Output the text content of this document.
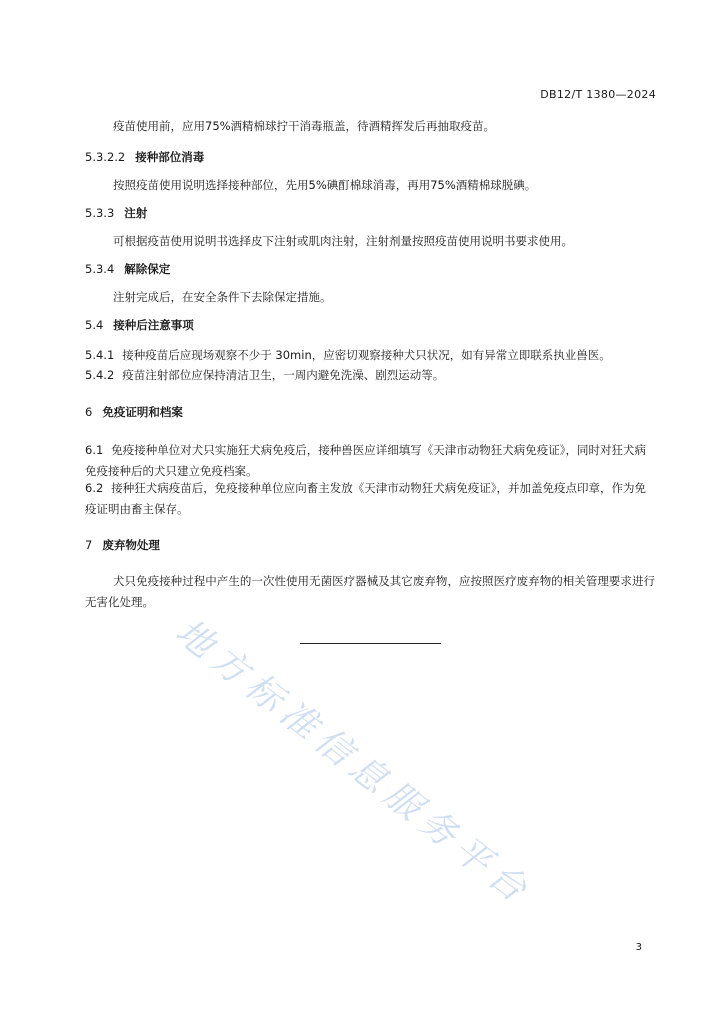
DB12/T 1380—2024
疫苗使用前，应用75%酒精棉球拧干消毒瓶盖，待酒精挥发后再抽取疫苗。
5.3.2.2 接种部位消毒
按照疫苗使用说明选择接种部位，先用5%碘酊棉球消毒，再用75%酒精棉球脱碘。
5.3.3 注射
可根据疫苗使用说明书选择皮下注射或肌肉注射，注射剂量按照疫苗使用说明书要求使用。
5.3.4 解除保定
注射完成后，在安全条件下去除保定措施。
5.4 接种后注意事项
5.4.1 接种疫苗后应现场观察不少于 30min，应密切观察接种犬只状况，如有异常立即联系执业兽医。
5.4.2 疫苗注射部位应保持清洁卫生，一周内避免洗澡、剧烈运动等。
6 免疫证明和档案
6.1 免疫接种单位对犬只实施狂犬病免疫后，接种兽医应详细填写《天津市动物狂犬病免疫证》，同时对狂犬病免疫接种后的犬只建立免疫档案。
6.2 接种狂犬病疫苗后，免疫接种单位应向畜主发放《天津市动物狂犬病免疫证》，并加盖免疫点印章，作为免疫证明由畜主保存。
7 废弃物处理
犬只免疫接种过程中产生的一次性使用无菌医疗器械及其它废弃物，应按照医疗废弃物的相关管理要求进行无害化处理。
地方标准信息服务平台
3
